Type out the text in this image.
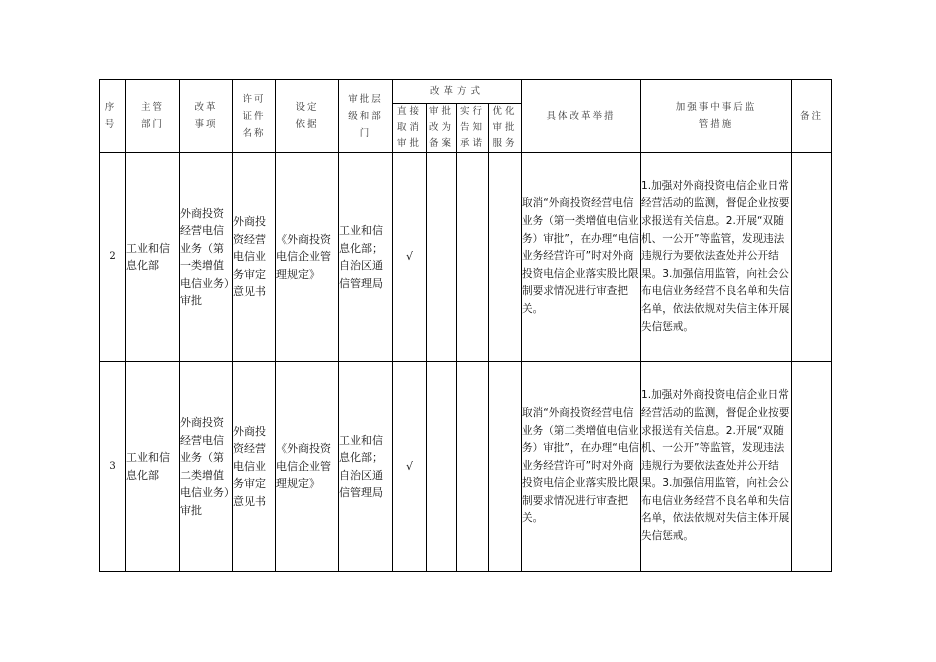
序号	主管部门	改革事项	许可证件名称	设定依据	审批层级和部门	改革方式				具体改革举措	加强事中事后监管措施	备注
						直接取消审批	审批改为备案	实行告知承诺	优化审批服务			
2	工业和信息化部	外商投资经营电信业务（第一类增值电信业务）审批	外商投资经营电信业务审定意见书	《外商投资电信企业管理规定》	工业和信息化部；自治区通信管理局	√				取消“外商投资经营电信业务（第一类增值电信业务）审批”，在办理“电信业务经营许可”时对外商投资电信企业落实股比限制要求情况进行审查把关。	1.加强对外商投资电信企业日常经营活动的监测，督促企业按要求报送有关信息。2.开展“双随机、一公开”等监管，发现违法违规行为要依法查处并公开结果。3.加强信用监管，向社会公布电信业务经营不良名单和失信名单，依法依规对失信主体开展失信惩戒。	
3	工业和信息化部	外商投资经营电信业务（第二类增值电信业务）审批	外商投资经营电信业务审定意见书	《外商投资电信企业管理规定》	工业和信息化部；自治区通信管理局	√				取消“外商投资经营电信业务（第二类增值电信业务）审批”，在办理“电信业务经营许可”时对外商投资电信企业落实股比限制要求情况进行审查把关。	1.加强对外商投资电信企业日常经营活动的监测，督促企业按要求报送有关信息。2.开展“双随机、一公开”等监管，发现违法违规行为要依法查处并公开结果。3.加强信用监管，向社会公布电信业务经营不良名单和失信名单，依法依规对失信主体开展失信惩戒。	
